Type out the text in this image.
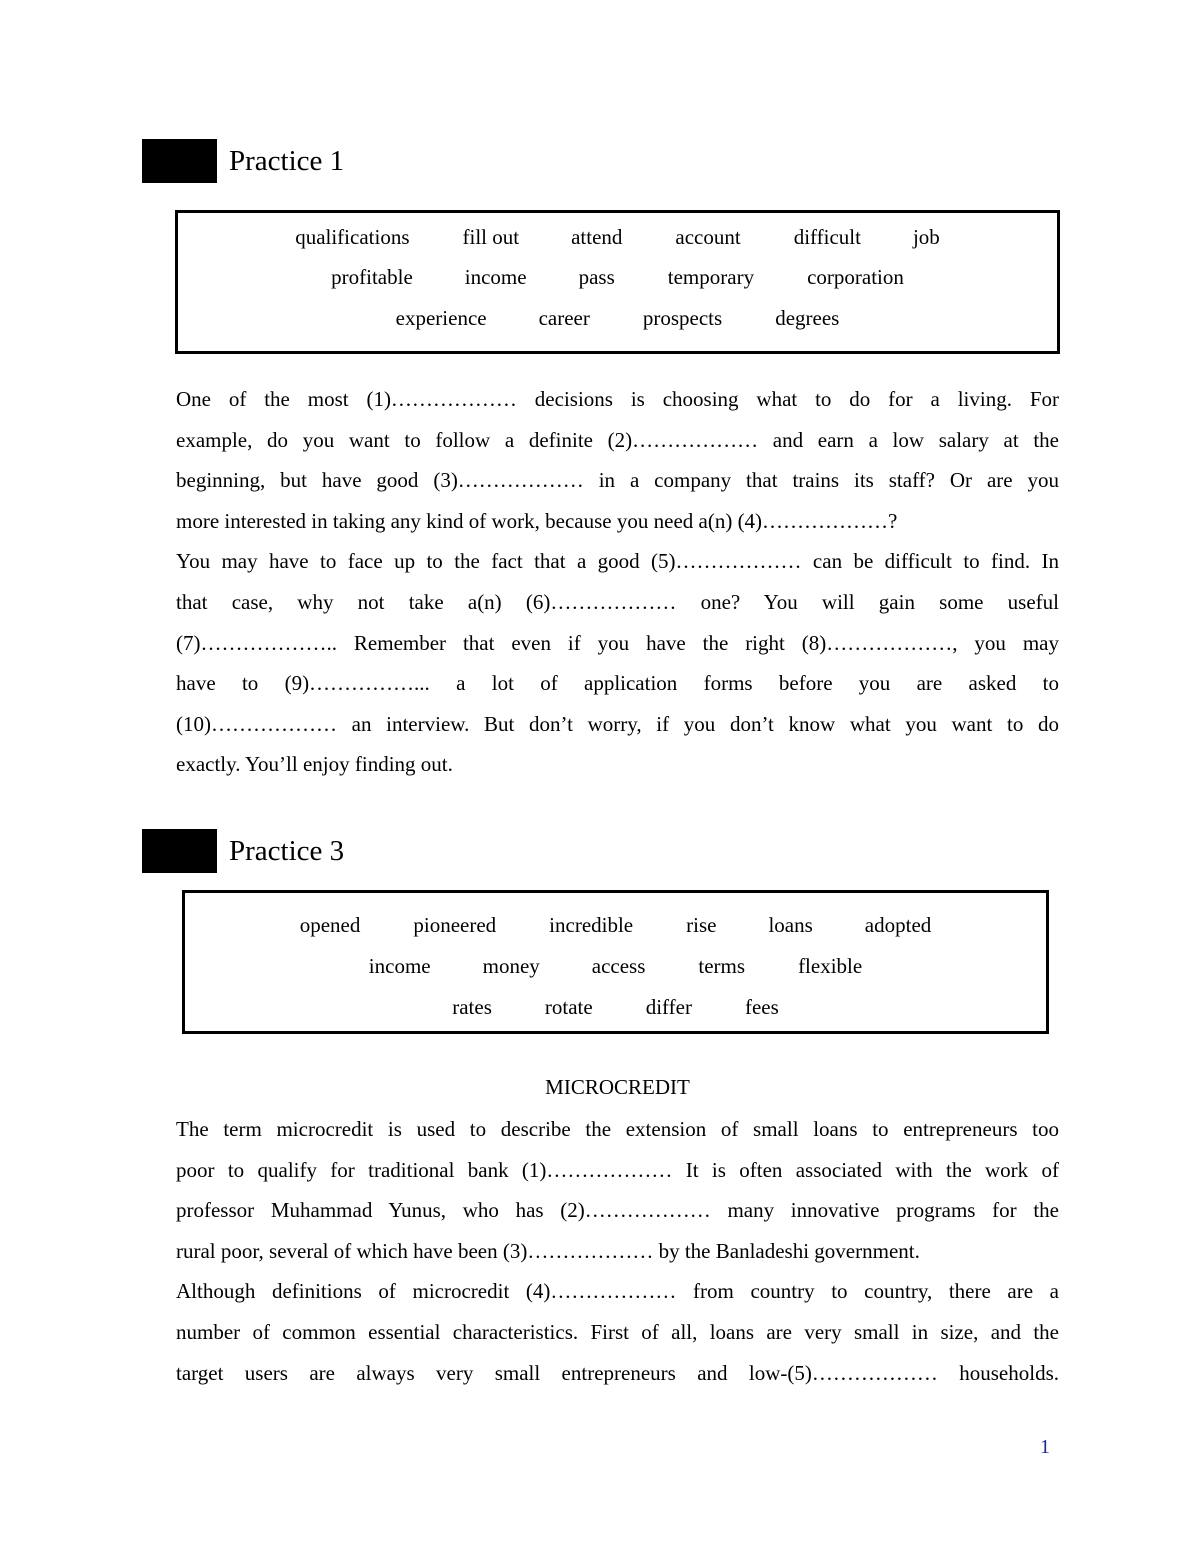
Practice 1
qualifications	fill out attend	account	difficult job
profitable income pass	temporary	corporation
experience career	prospects	degrees
One of the most (1)……………… decisions is choosing what to do for a living. For
example, do you want to follow a definite (2)……………… and earn a low salary at the
beginning, but have good (3)……………… in a company that trains its staff? Or are you
more interested in taking any kind of work, because you need a(n) (4)………………?
You may have to face up to the fact that a good (5)……………… can be difficult to find. In
that case, why not take a(n) (6)……………… one? You will gain some useful
(7)……………….. Remember that even if you have the right (8)………………, you may
have to (9)……………... a lot of application forms before you are asked to
(10)……………… an interview. But don’t worry, if you don’t know what you want to do
exactly. You’ll enjoy finding out.
Practice 3
opened	pioneered	incredible	rise loans adopted
income money access	terms	flexible
rates	rotate	differ	fees
MICROCREDIT
The term microcredit is used to describe the extension of small loans to entrepreneurs too
poor to qualify for traditional bank (1)……………… It is often associated with the work of
professor Muhammad Yunus, who has (2)……………… many innovative programs for the
rural poor, several of which have been (3)……………… by the Banladeshi government.
Although definitions of microcredit (4)……………… from country to country, there are a
number of common essential characteristics. First of all, loans are very small in size, and the
target users are always very small entrepreneurs and low-(5)……………… households.
1
